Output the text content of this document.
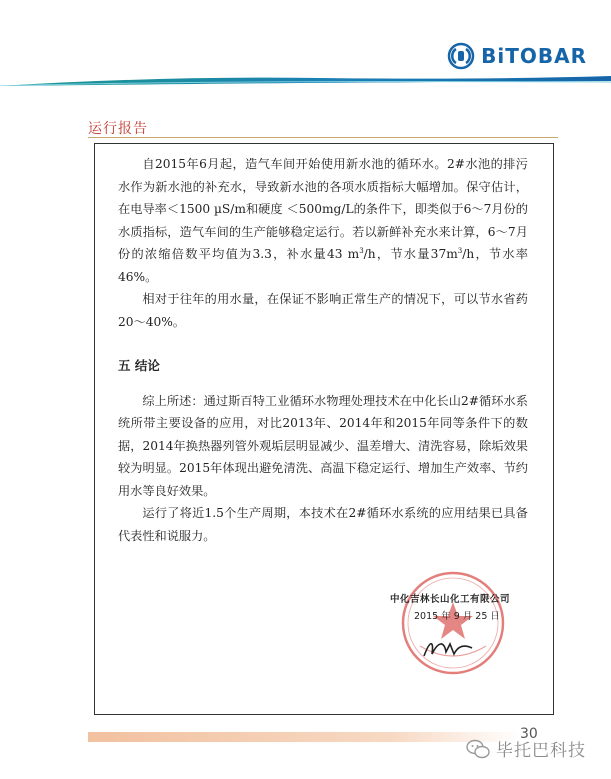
BiTOBAR
运行报告

自2015年6月起，造气车间开始使用新水池的循环水。2#水池的排污水作为新水池的补充水，导致新水池的各项水质指标大幅增加。保守估计，在电导率＜1500 µS/m和硬度 ＜500mg/L的条件下，即类似于6～7月份的水质指标，造气车间的生产能够稳定运行。若以新鲜补充水来计算，6～7月份的浓缩倍数平均值为3.3，补水量43 $m^3/h$，节水量$37m^3/h$，节水率46%。

相对于往年的用水量，在保证不影响正常生产的情况下，可以节水省药20～40%。

五 结论

综上所述：通过斯百特工业循环水物理处理技术在中化长山2#循环水系统所带主要设备的应用，对比2013年、2014年和2015年同等条件下的数据，2014年换热器列管外观垢层明显减少、温差增大、清洗容易，除垢效果较为明显。2015年体现出避免清洗、高温下稳定运行、增加生产效率、节约用水等良好效果。

运行了将近1.5个生产周期，本技术在2#循环水系统的应用结果已具备代表性和说服力。

中化吉林长山化工有限公司
2015 年 9 月 25 日
30
毕托巴科技
